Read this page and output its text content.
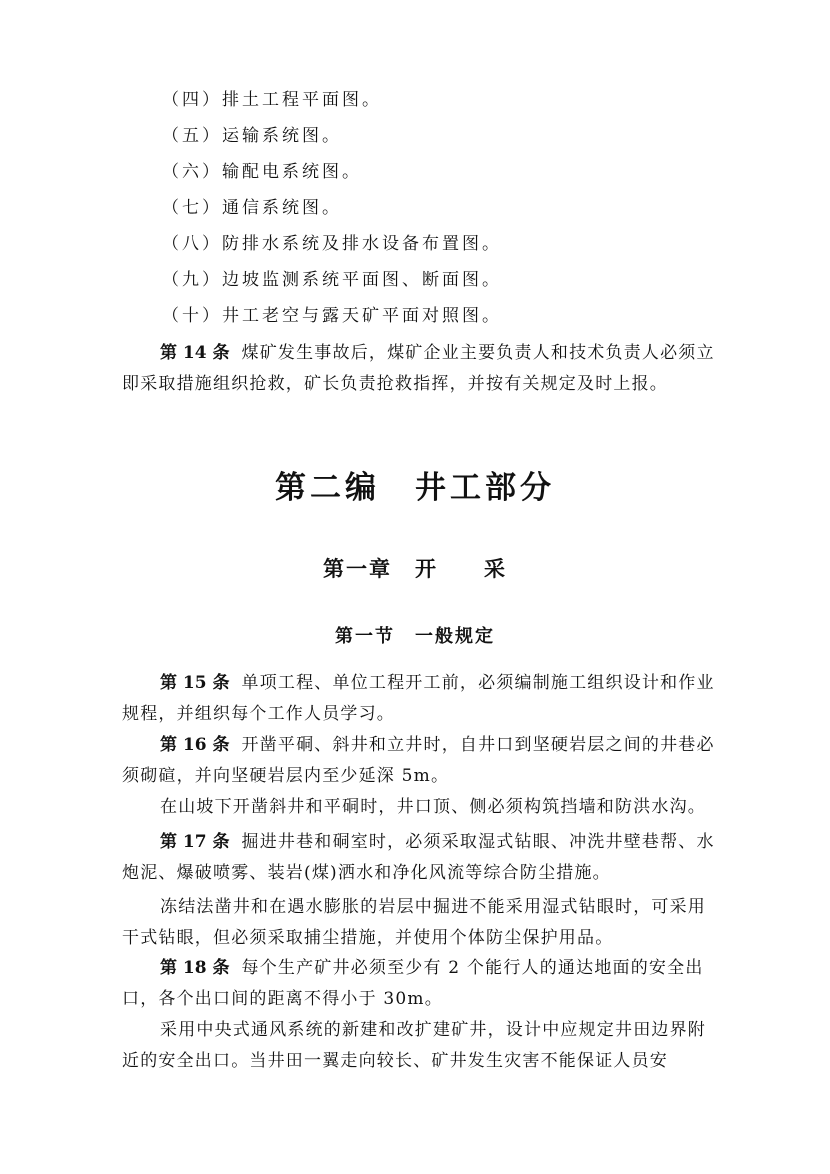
（四）排土工程平面图。
（五）运输系统图。
（六）输配电系统图。
（七）通信系统图。
（八）防排水系统及排水设备布置图。
（九）边坡监测系统平面图、断面图。
（十）井工老空与露天矿平面对照图。

第 14 条 煤矿发生事故后，煤矿企业主要负责人和技术负责人必须立即采取措施组织抢救，矿长负责抢救指挥，并按有关规定及时上报。

第二编　井工部分
第一章　开　　采
第一节　一般规定

第 15 条 单项工程、单位工程开工前，必须编制施工组织设计和作业规程，并组织每个工作人员学习。

第 16 条 开凿平硐、斜井和立井时，自井口到坚硬岩层之间的井巷必须砌碹，并向坚硬岩层内至少延深 5m。

在山坡下开凿斜井和平硐时，井口顶、侧必须构筑挡墙和防洪水沟。

第 17 条 掘进井巷和硐室时，必须采取湿式钻眼、冲洗井壁巷帮、水炮泥、爆破喷雾、装岩(煤)洒水和净化风流等综合防尘措施。

冻结法凿井和在遇水膨胀的岩层中掘进不能采用湿式钻眼时，可采用干式钻眼，但必须采取捕尘措施，并使用个体防尘保护用品。

第 18 条 每个生产矿井必须至少有 2 个能行人的通达地面的安全出口，各个出口间的距离不得小于 30m。

采用中央式通风系统的新建和改扩建矿井，设计中应规定井田边界附近的安全出口。当井田一翼走向较长、矿井发生灾害不能保证人员安
